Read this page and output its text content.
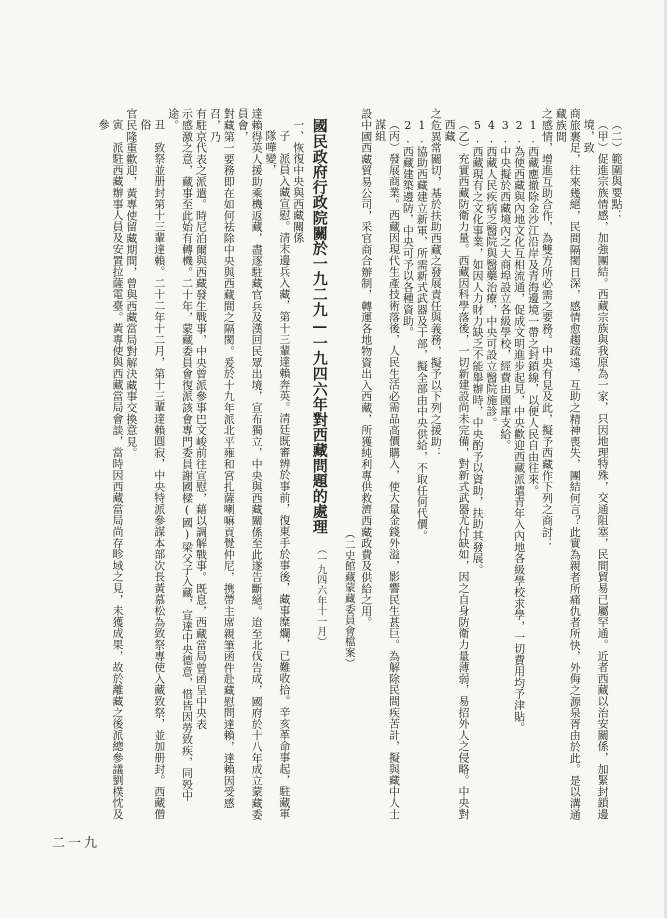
（二）範圍與要點：

（甲）促進宗族情感，加強團結。西藏宗族與我原為一家，只因地理特殊，交通阻塞，民間貿易已屬罕通。近者西藏以治安關係，加緊封鎖邊境，致

商旅裹足，往來幾絕，民間隔閡日深，感情愈趨疏遠，互助之精神喪失，團結何言？此實為親者所痛仇者所快，外侮之源泉胥由於此。是以溝通藏族間

之感情，增進互助合作，為雙方所必需之要務。中央有見及此，擬予西藏作下列之商討：

1.西藏應撤除金沙江沿岸及青海邊境一帶之封鎖線，以便人民自由往來。

2.為使西藏與內地文化互相流通，促成文明進步起見，中央歡迎西藏派遣青年入內地各級學校求學，一切費用均予津貼。

3.中央擬於西藏境內之大商埠設立各級學校，經費由國庫支給。

4.西藏人民疾病乏醫院與醫藥治療，中央可設立醫院施診。

5.西藏現有之文化事業，如因人力財力缺乏不能舉辦時，中央酌予以資助，扶助其發展。

（乙）充實西藏防衛力量。西藏因科學落後，一切新建設尚未完備，對新式武器尤付缺如，因之自身防衛力量薄弱，易招外人之侵略。中央對西藏

之危異常關切，基於扶助西藏之發展責任與義務，擬予以下列之援助：

1.協助西藏建立新軍，所需新式武器及干部，擬全部由中央供給，不取任何代價。

2.西藏建築邊防，中央可予以各種資助。

（丙）發展商業。西藏因現代生產技術落後，人民生活必需品高價購入，使大量金錢外溢，影響民生甚巨。為解除民間疾苦計，擬與藏中人士謀組

設中國西藏貿易公司，采官商合辦制，轉運各地物資出入西藏，所獲純利專供救濟西藏政費及供給之用。

（二史館藏蒙藏委員會檔案）

國民政府行政院關於一九二九—一九四六年對西藏問題的處理（一九四六年十一月）

一、恢復中央與西藏關係

子　派員入藏宣慰。清末邊兵入藏，第十三輩達賴奔英。清廷既審辨於事前，復東手於事後，藏事糜爛，已難收拾。辛亥革命事起，駐藏軍隊嘩變，

達賴得英人援助乘機返藏，盡逐駐藏官兵及漢回民眾出境，宣布獨立，中央與西藏關係至此遂告斷絕。迨至北伐告成，國府於十八年成立蒙藏委員會，

對藏第一要務即在如何祛除中央與西藏間之隔閡。爰於十九年派北平雍和宮扎薩喇嘛貢覺仲尼，携帶主席親筆函件赴藏慰問達賴，達賴因受感召，乃

有駐京代表之派遣。時尼泊爾與西藏發生戰事，中央曾派參事巴文峻前往宣慰，藉以調解戰事。既息，西藏當局曾函呈中央表

示感激之意，藏事至此始有轉機。二十年，蒙藏委員會復派該會專門委員謝國樑(國)梁父子入藏，宣達中央德意，惜皆因勞致疾，同殁中途。

丑　致祭並册封第十三輩達賴。二十二年十二月，第十三輩達賴圓寂，中央特派參謀本部次長黃慕松為致祭專使入藏致祭，並加册封。西藏僧俗

官民隆重歡迎，黃專使留藏期間，曾與西藏當局對解決藏事交換意見。

寅　派駐西藏辦事人員及安置拉薩電臺。黃專使與西藏當局會談，當時因西藏當局尚存畛域之見，未獲成果，故於離藏之後派總參議劉樸忱及參

二一九
